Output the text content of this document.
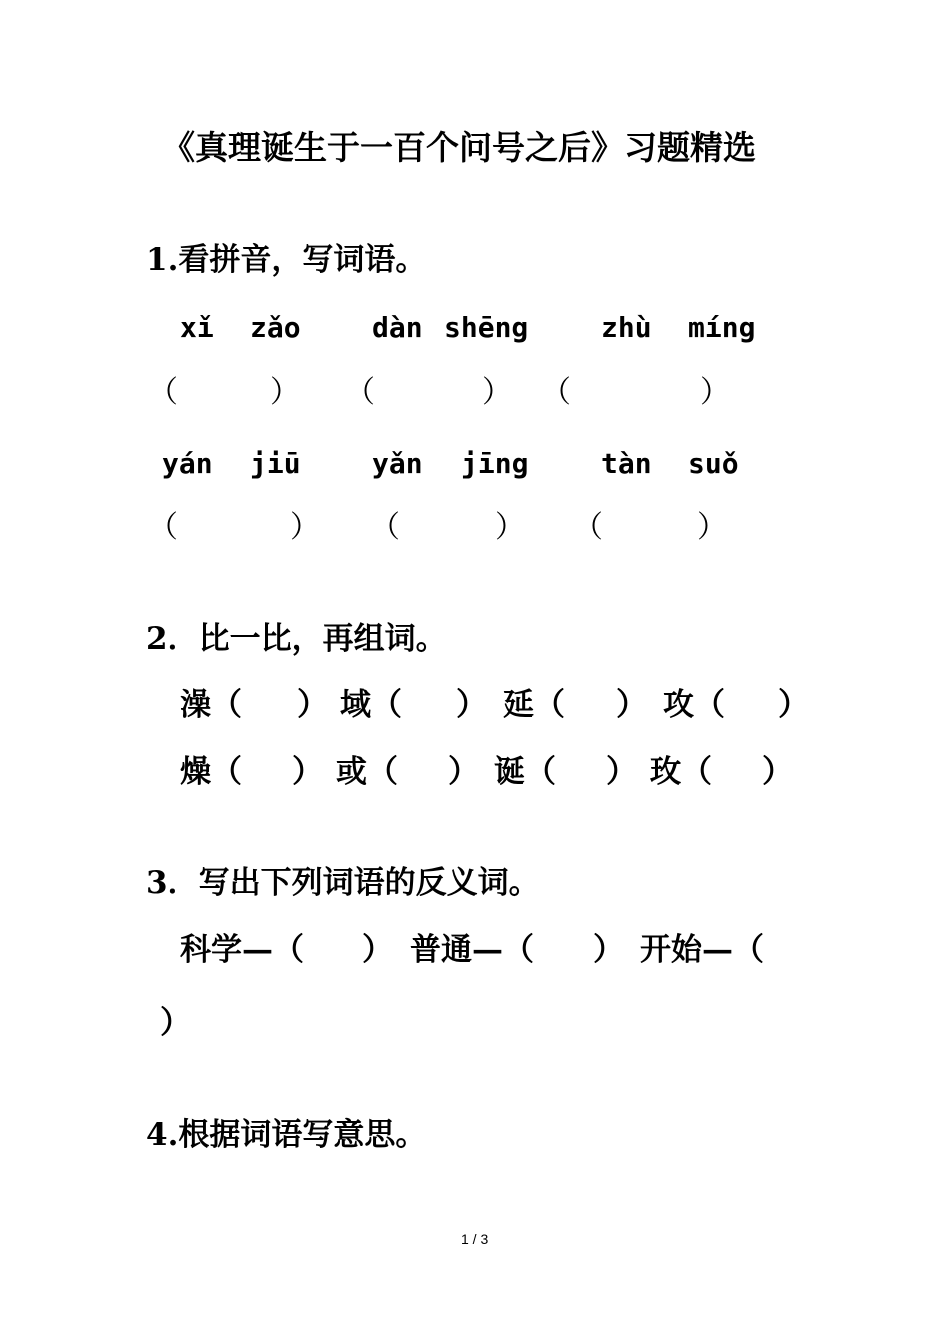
《真理诞生于一百个问号之后》习题精选
1.看拼音，写词语。
xǐ zǎo	dàn shēng	zhù míng
（	） （	） （	）
yán jiū	yǎn jīng	tàn suǒ
（	） （	） （	）
2．比一比，再组词。
澡（ ） 域（ ） 延（ ） 攻（ ）
燥（ ） 或（ ） 诞（ ） 玫（ ）
3．写出下列词语的反义词。
科学—（ ） 普通—（ ） 开始—（
）
4.根据词语写意思。
1 / 3
